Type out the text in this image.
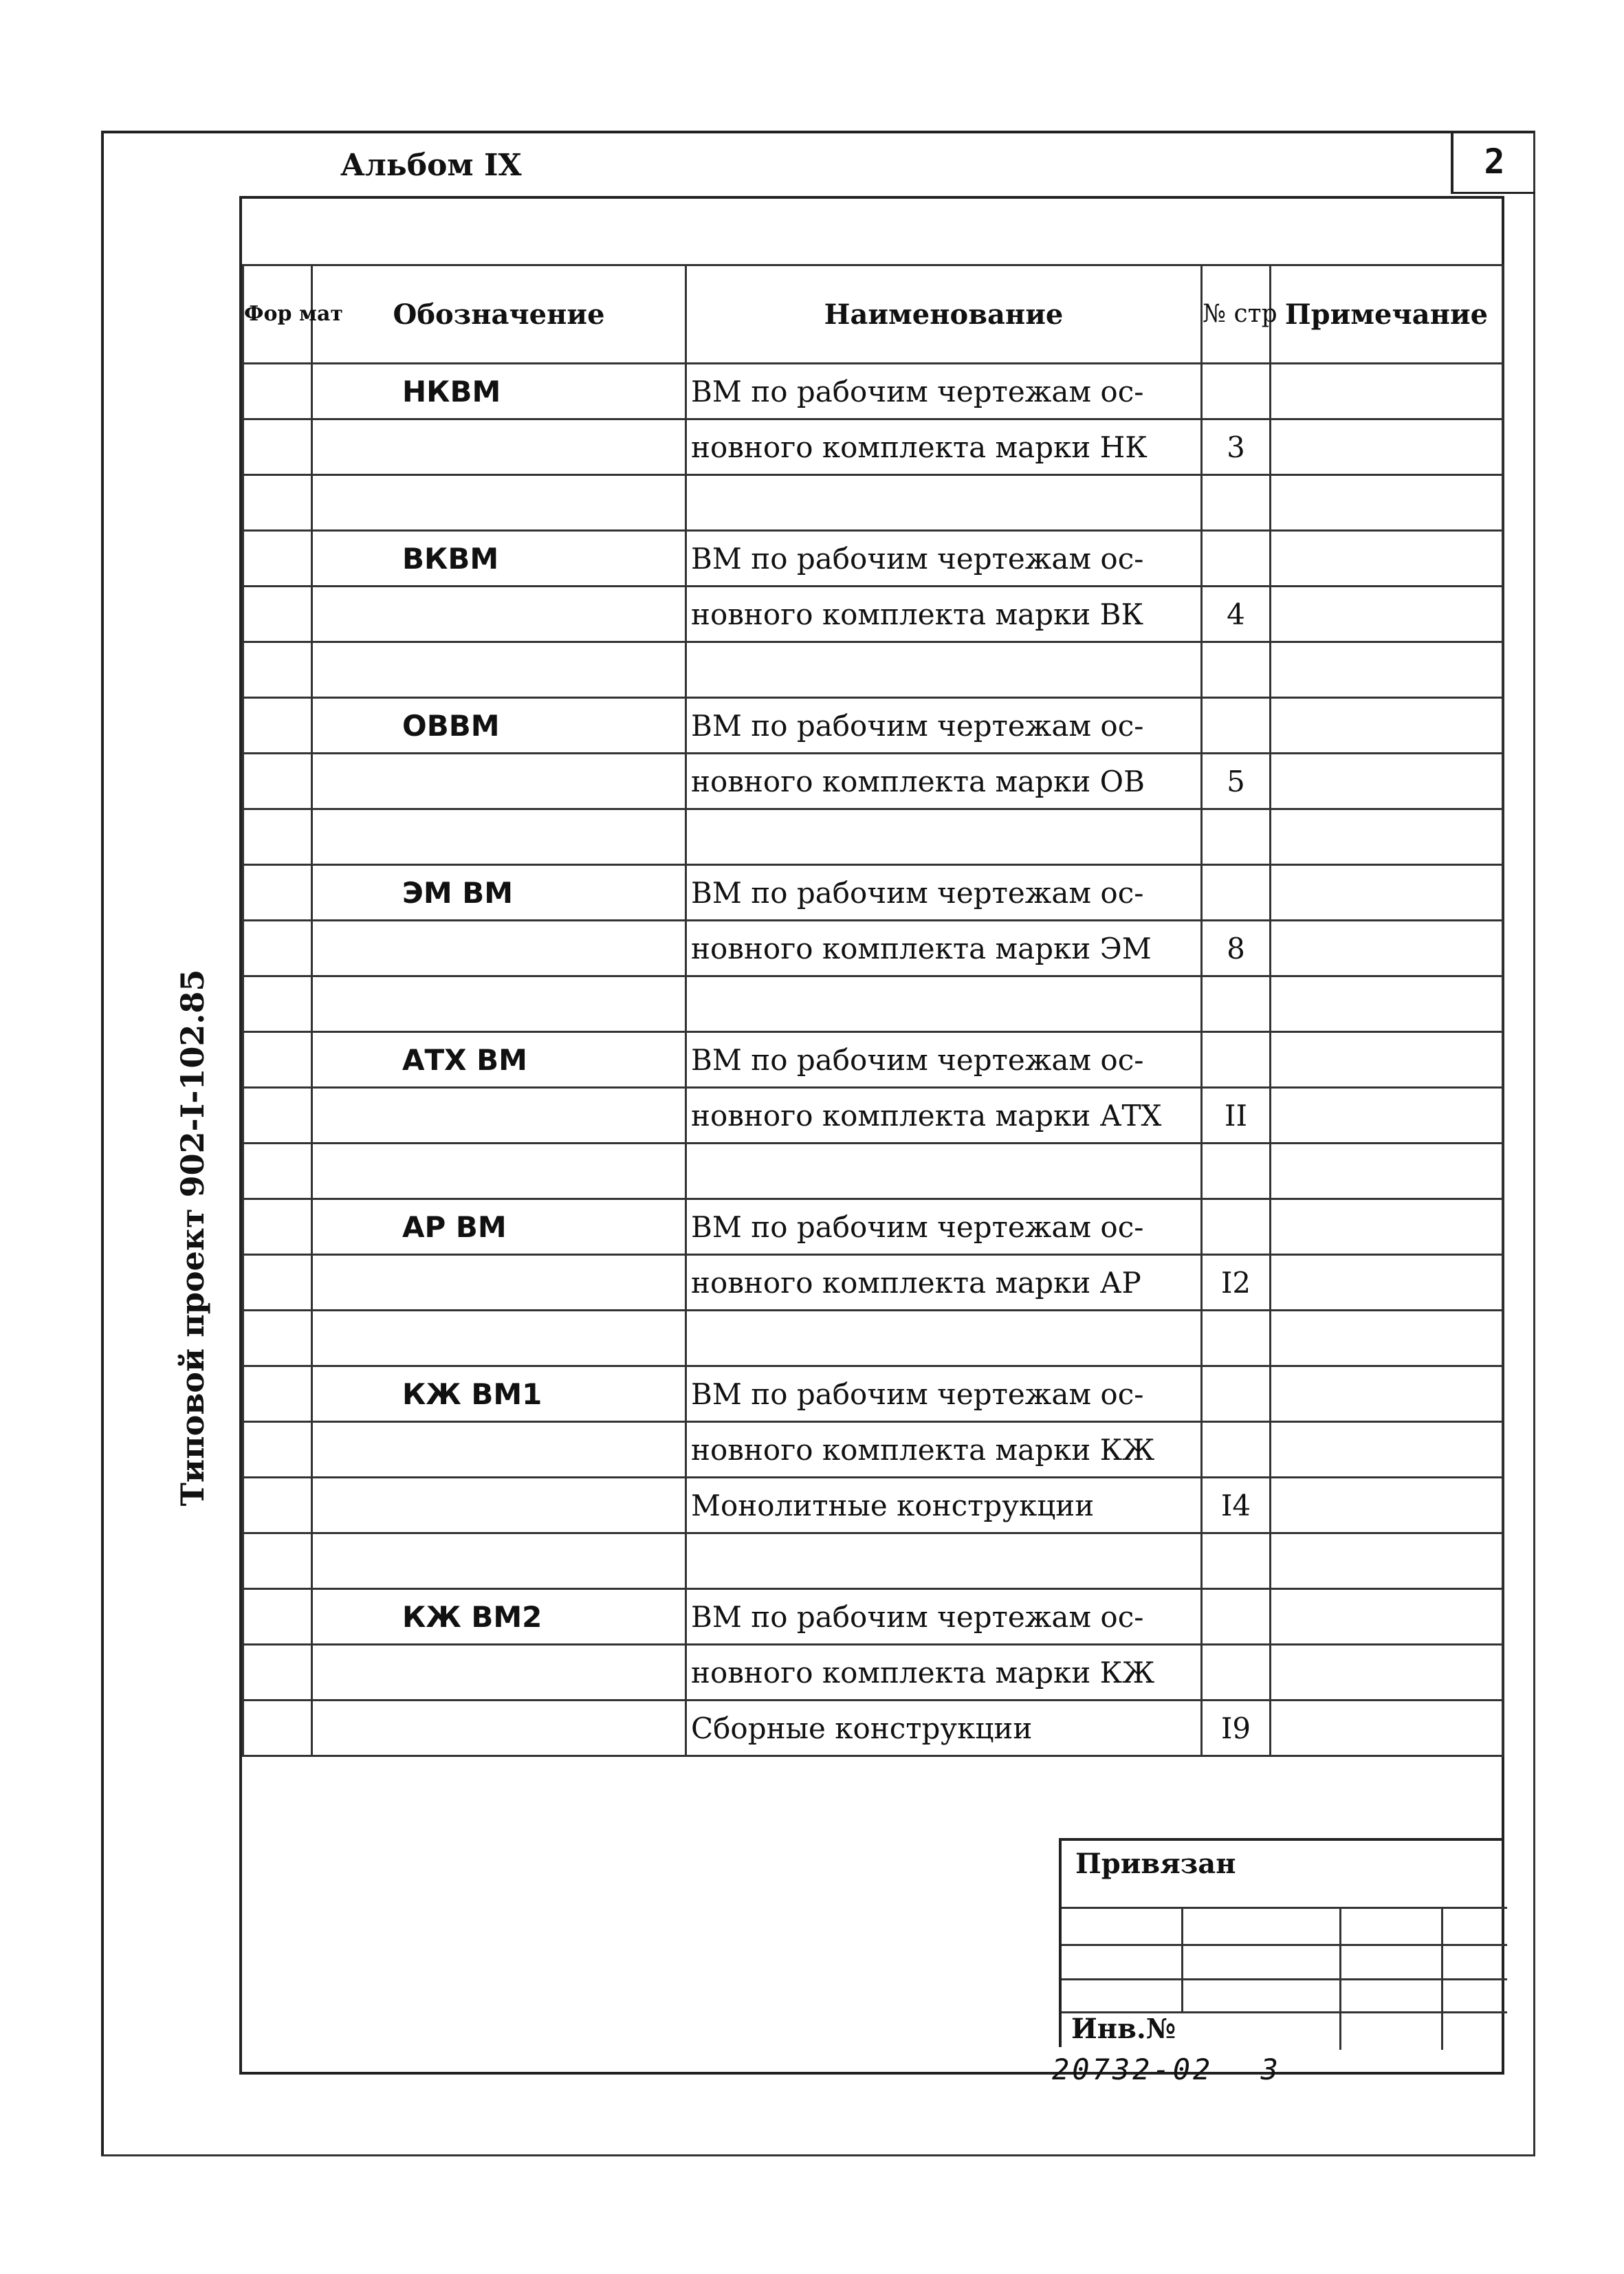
2
Альбом IX
Типовой проект 902-I-102.85
Фор мат	Обозначение	Наименование	№ стр	Примечание
	НКВМ	ВМ по рабочим чертежам ос-		
		новного комплекта марки НК	3	

	ВКВМ	ВМ по рабочим чертежам ос-		
		новного комплекта марки ВК	4	

	ОВВМ	ВМ по рабочим чертежам ос-		
		новного комплекта марки ОВ	5	

	ЭМ ВМ	ВМ по рабочим чертежам ос-		
		новного комплекта марки ЭМ	8	

	АТХ ВМ	ВМ по рабочим чертежам ос-		
		новного комплекта марки АТХ	II	

	АР ВМ	ВМ по рабочим чертежам ос-		
		новного комплекта марки АР	I2	

	КЖ ВМ1	ВМ по рабочим чертежам ос-		
		новного комплекта марки КЖ		
		Монолитные конструкции	I4	

	КЖ ВМ2	ВМ по рабочим чертежам ос-		
		новного комплекта марки КЖ		
		Сборные конструкции	I9	
Привязан
Инв.№
20732-02 3
